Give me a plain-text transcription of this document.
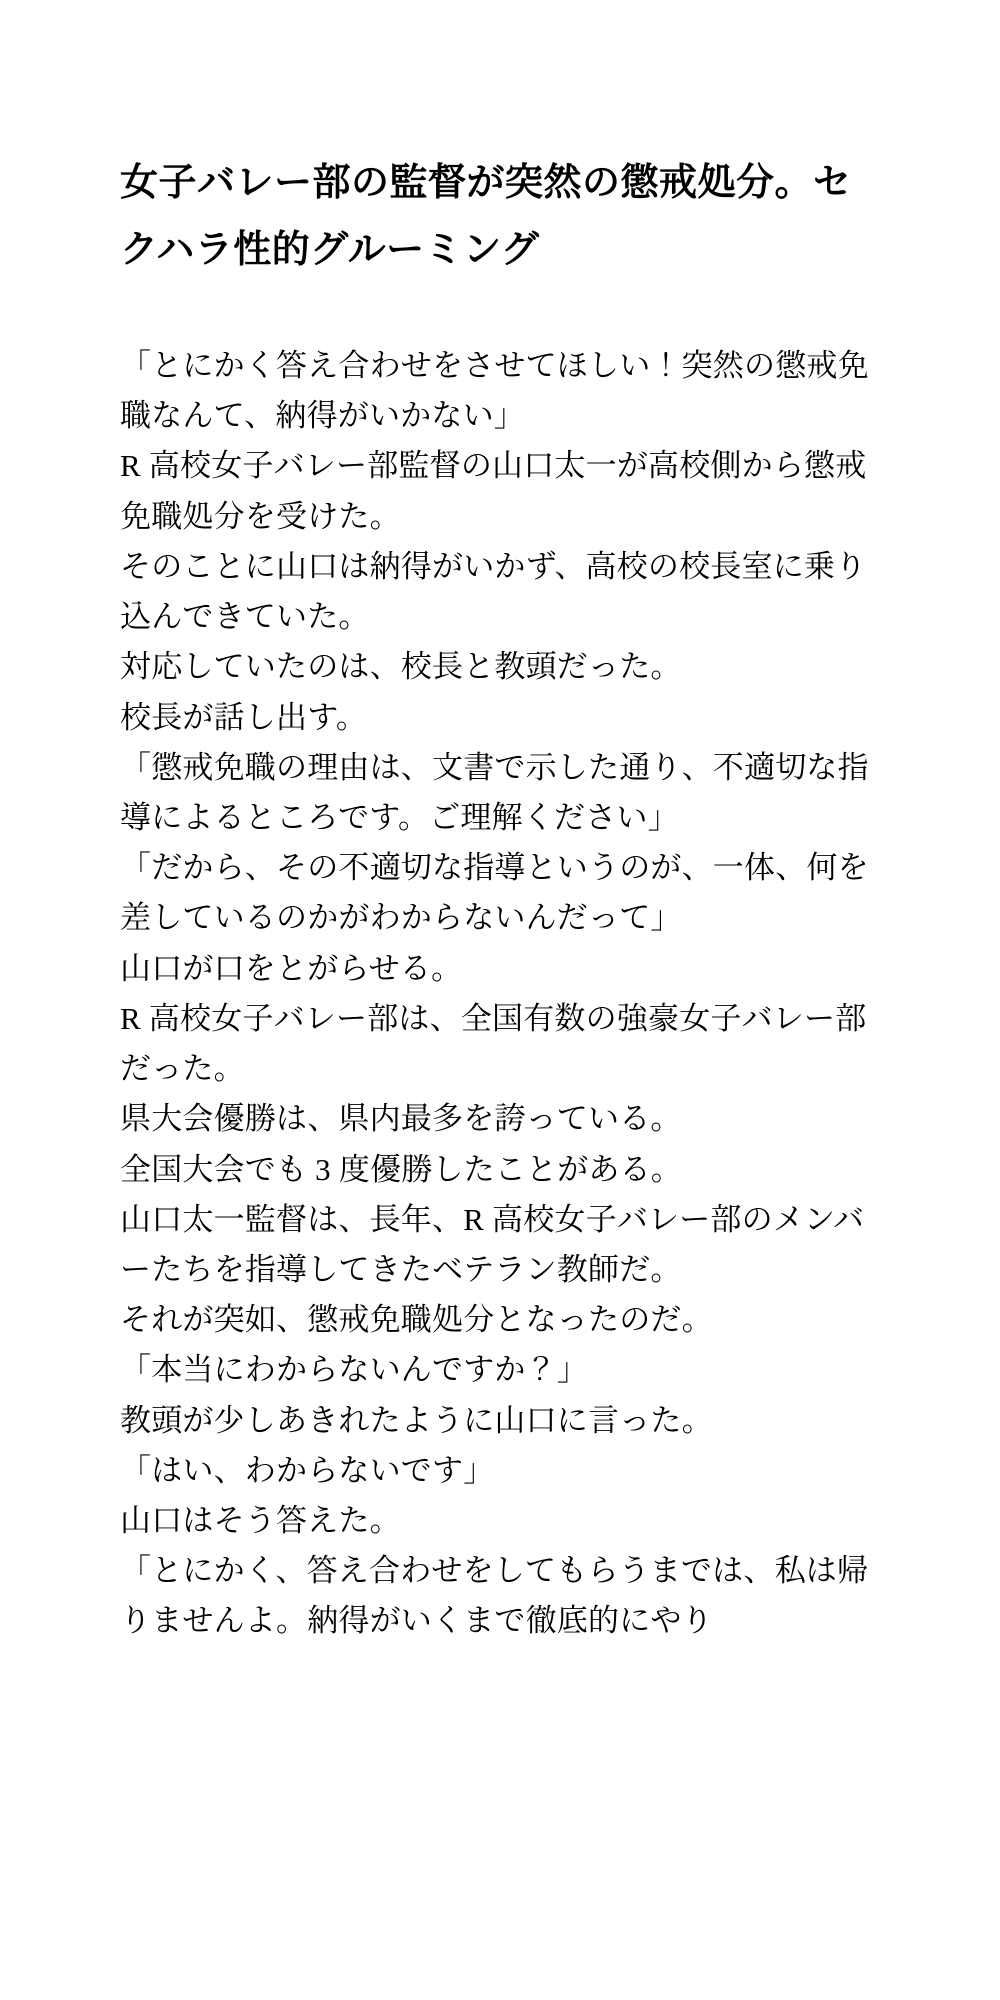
女子バレー部の監督が突然の懲戒処分。セクハラ性的グルーミング

「とにかく答え合わせをさせてほしい！突然の懲戒免職なんて、納得がいかない」

R 高校女子バレー部監督の山口太一が高校側から懲戒免職処分を受けた。

そのことに山口は納得がいかず、高校の校長室に乗り込んできていた。

対応していたのは、校長と教頭だった。

校長が話し出す。

「懲戒免職の理由は、文書で示した通り、不適切な指導によるところです。ご理解ください」

「だから、その不適切な指導というのが、一体、何を差しているのかがわからないんだって」

山口が口をとがらせる。

R 高校女子バレー部は、全国有数の強豪女子バレー部だった。

県大会優勝は、県内最多を誇っている。

全国大会でも 3 度優勝したことがある。

山口太一監督は、長年、R 高校女子バレー部のメンバーたちを指導してきたベテラン教師だ。

それが突如、懲戒免職処分となったのだ。

「本当にわからないんですか？」

教頭が少しあきれたように山口に言った。

「はい、わからないです」

山口はそう答えた。

「とにかく、答え合わせをしてもらうまでは、私は帰りませんよ。納得がいくまで徹底的にやり
